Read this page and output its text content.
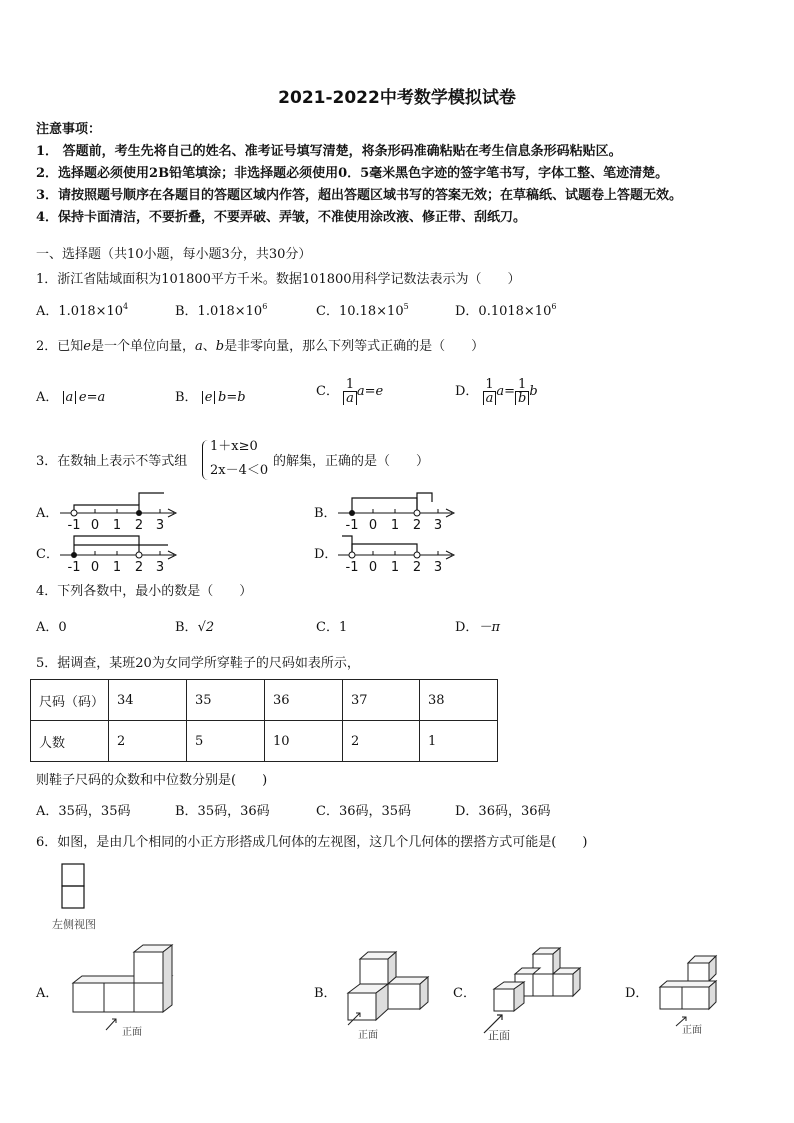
2021-2022中考数学模拟试卷
注意事项：
1． 答题前，考生先将自己的姓名、准考证号填写清楚，将条形码准确粘贴在考生信息条形码粘贴区。
2．选择题必须使用2B铅笔填涂；非选择题必须使用0．5毫米黑色字迹的签字笔书写，字体工整、笔迹清楚。
3．请按照题号顺序在各题目的答题区域内作答，超出答题区域书写的答案无效；在草稿纸、试题卷上答题无效。
4．保持卡面清洁，不要折叠，不要弄破、弄皱，不准使用涂改液、修正带、刮纸刀。
一、选择题（共10小题，每小题3分，共30分）
1．浙江省陆域面积为101800平方千米。数据101800用科学记数法表示为（　　）
A．$1.018\times 10^4$	B．$1.018\times 10^6$	C．$10.18\times 10^5$	D．$0.1018\times 10^6$
2．已知e是一个单位向量，a、b是非零向量，那么下列等式正确的是（　　）
A． a  e=a	B． e  b=b	C． $\frac{1}{a} a=e$	D． $\frac{1}{a} a= \frac{1}{b}$ b
3．在数轴上表示不等式组
1＋x≥0
2x－4＜0
的解集，正确的是（　　）
A．	B．
C．	D．
-1 0 1 2 3	-1 0 1 2 3
-1 0 1 2 3	-1 0 1 2 3
4．下列各数中，最小的数是（　　）
A．0	B．√2	C．1	D．－π
5．据调查，某班20为女同学所穿鞋子的尺码如表所示，
尺码（码）	34	35	36	37	38
人数	2	5	10	2	1
则鞋子尺码的众数和中位数分别是(　　)
A．35码，35码	B．35码，36码	C．36码，35码	D．36码，36码
6．如图，是由几个相同的小正方形搭成几何体的左视图，这几个几何体的摆搭方式可能是(　　)
左侧视图
A．	B．	C．	D．
正面	正面	正面	正面
